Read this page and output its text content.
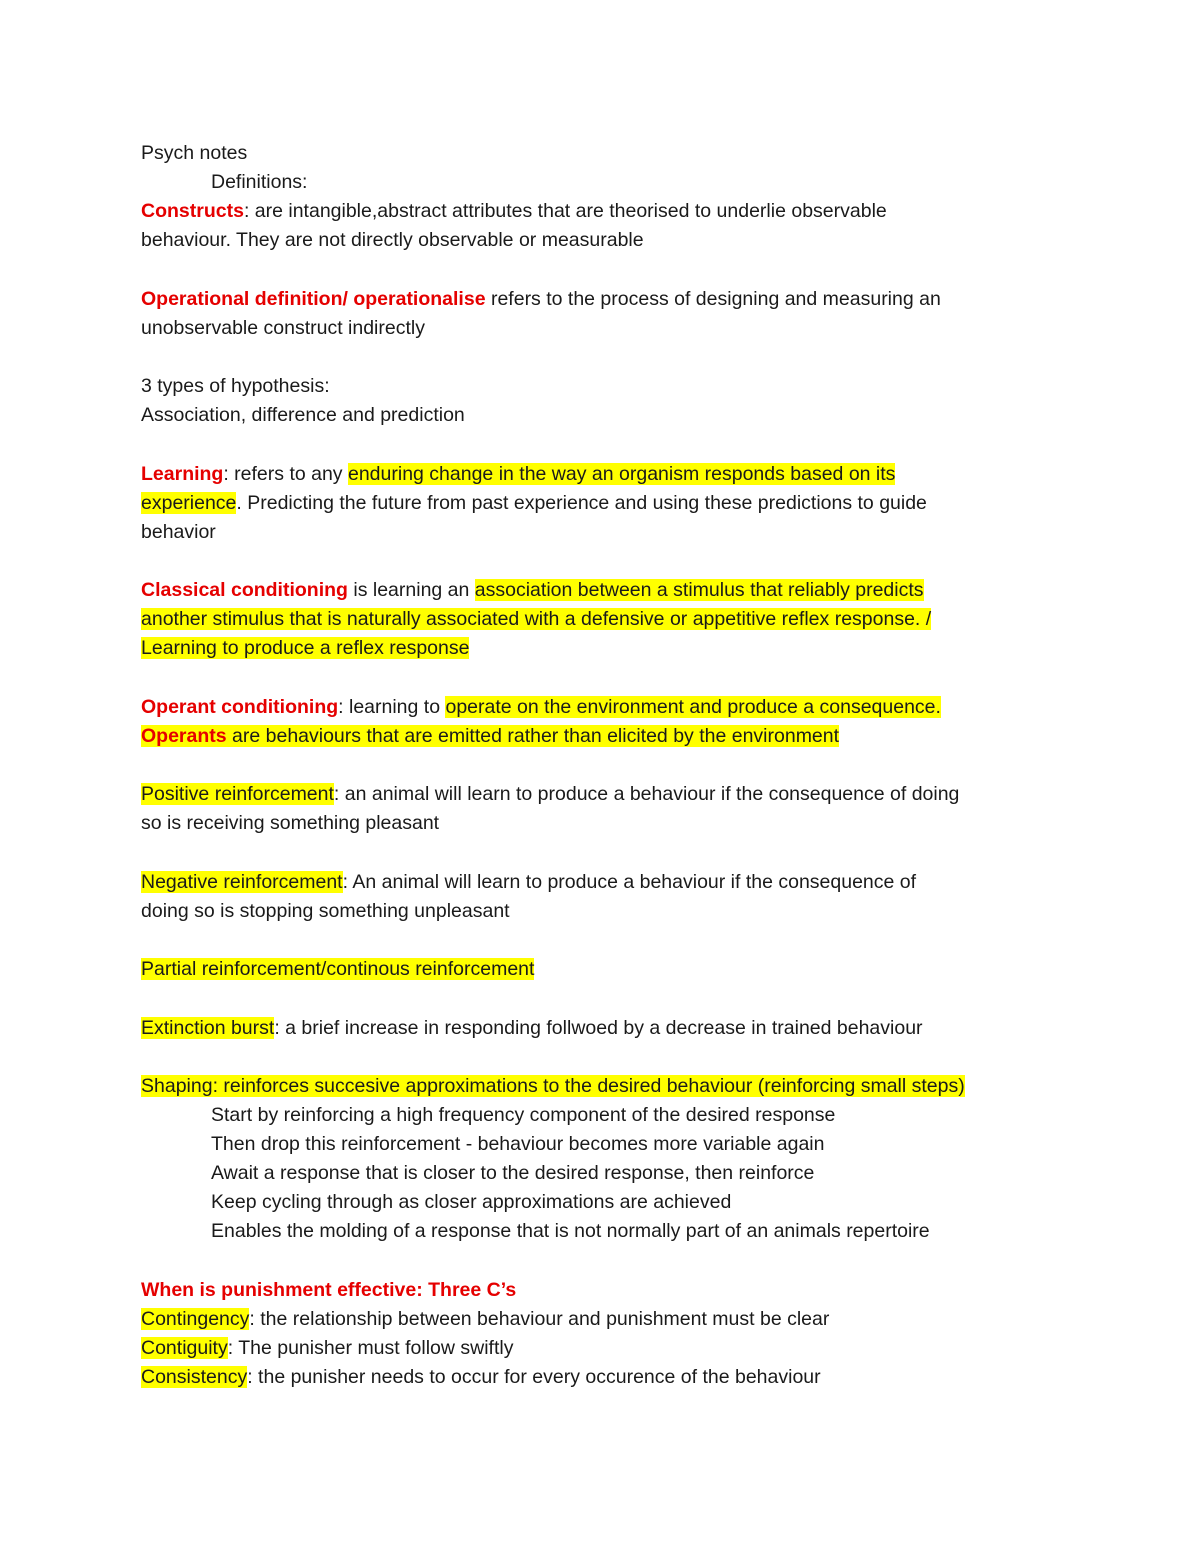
Psych notes
Definitions:
Constructs: are intangible,abstract attributes that are theorised to underlie observable
behaviour. They are not directly observable or measurable
Operational definition/ operationalise refers to the process of designing and measuring an
unobservable construct indirectly
3 types of hypothesis:
Association, difference and prediction
Learning: refers to any enduring change in the way an organism responds based on its
experience. Predicting the future from past experience and using these predictions to guide
behavior
Classical conditioning is learning an association between a stimulus that reliably predicts
another stimulus that is naturally associated with a defensive or appetitive reflex response. /
Learning to produce a reflex response
Operant conditioning: learning to operate on the environment and produce a consequence.
Operants are behaviours that are emitted rather than elicited by the environment
Positive reinforcement: an animal will learn to produce a behaviour if the consequence of doing
so is receiving something pleasant
Negative reinforcement: An animal will learn to produce a behaviour if the consequence of
doing so is stopping something unpleasant
Partial reinforcement/continous reinforcement
Extinction burst: a brief increase in responding follwoed by a decrease in trained behaviour
Shaping: reinforces succesive approximations to the desired behaviour (reinforcing small steps)
Start by reinforcing a high frequency component of the desired response
Then drop this reinforcement - behaviour becomes more variable again
Await a response that is closer to the desired response, then reinforce
Keep cycling through as closer approximations are achieved
Enables the molding of a response that is not normally part of an animals repertoire
When is punishment effective: Three C’s
Contingency: the relationship between behaviour and punishment must be clear
Contiguity: The punisher must follow swiftly
Consistency: the punisher needs to occur for every occurence of the behaviour
